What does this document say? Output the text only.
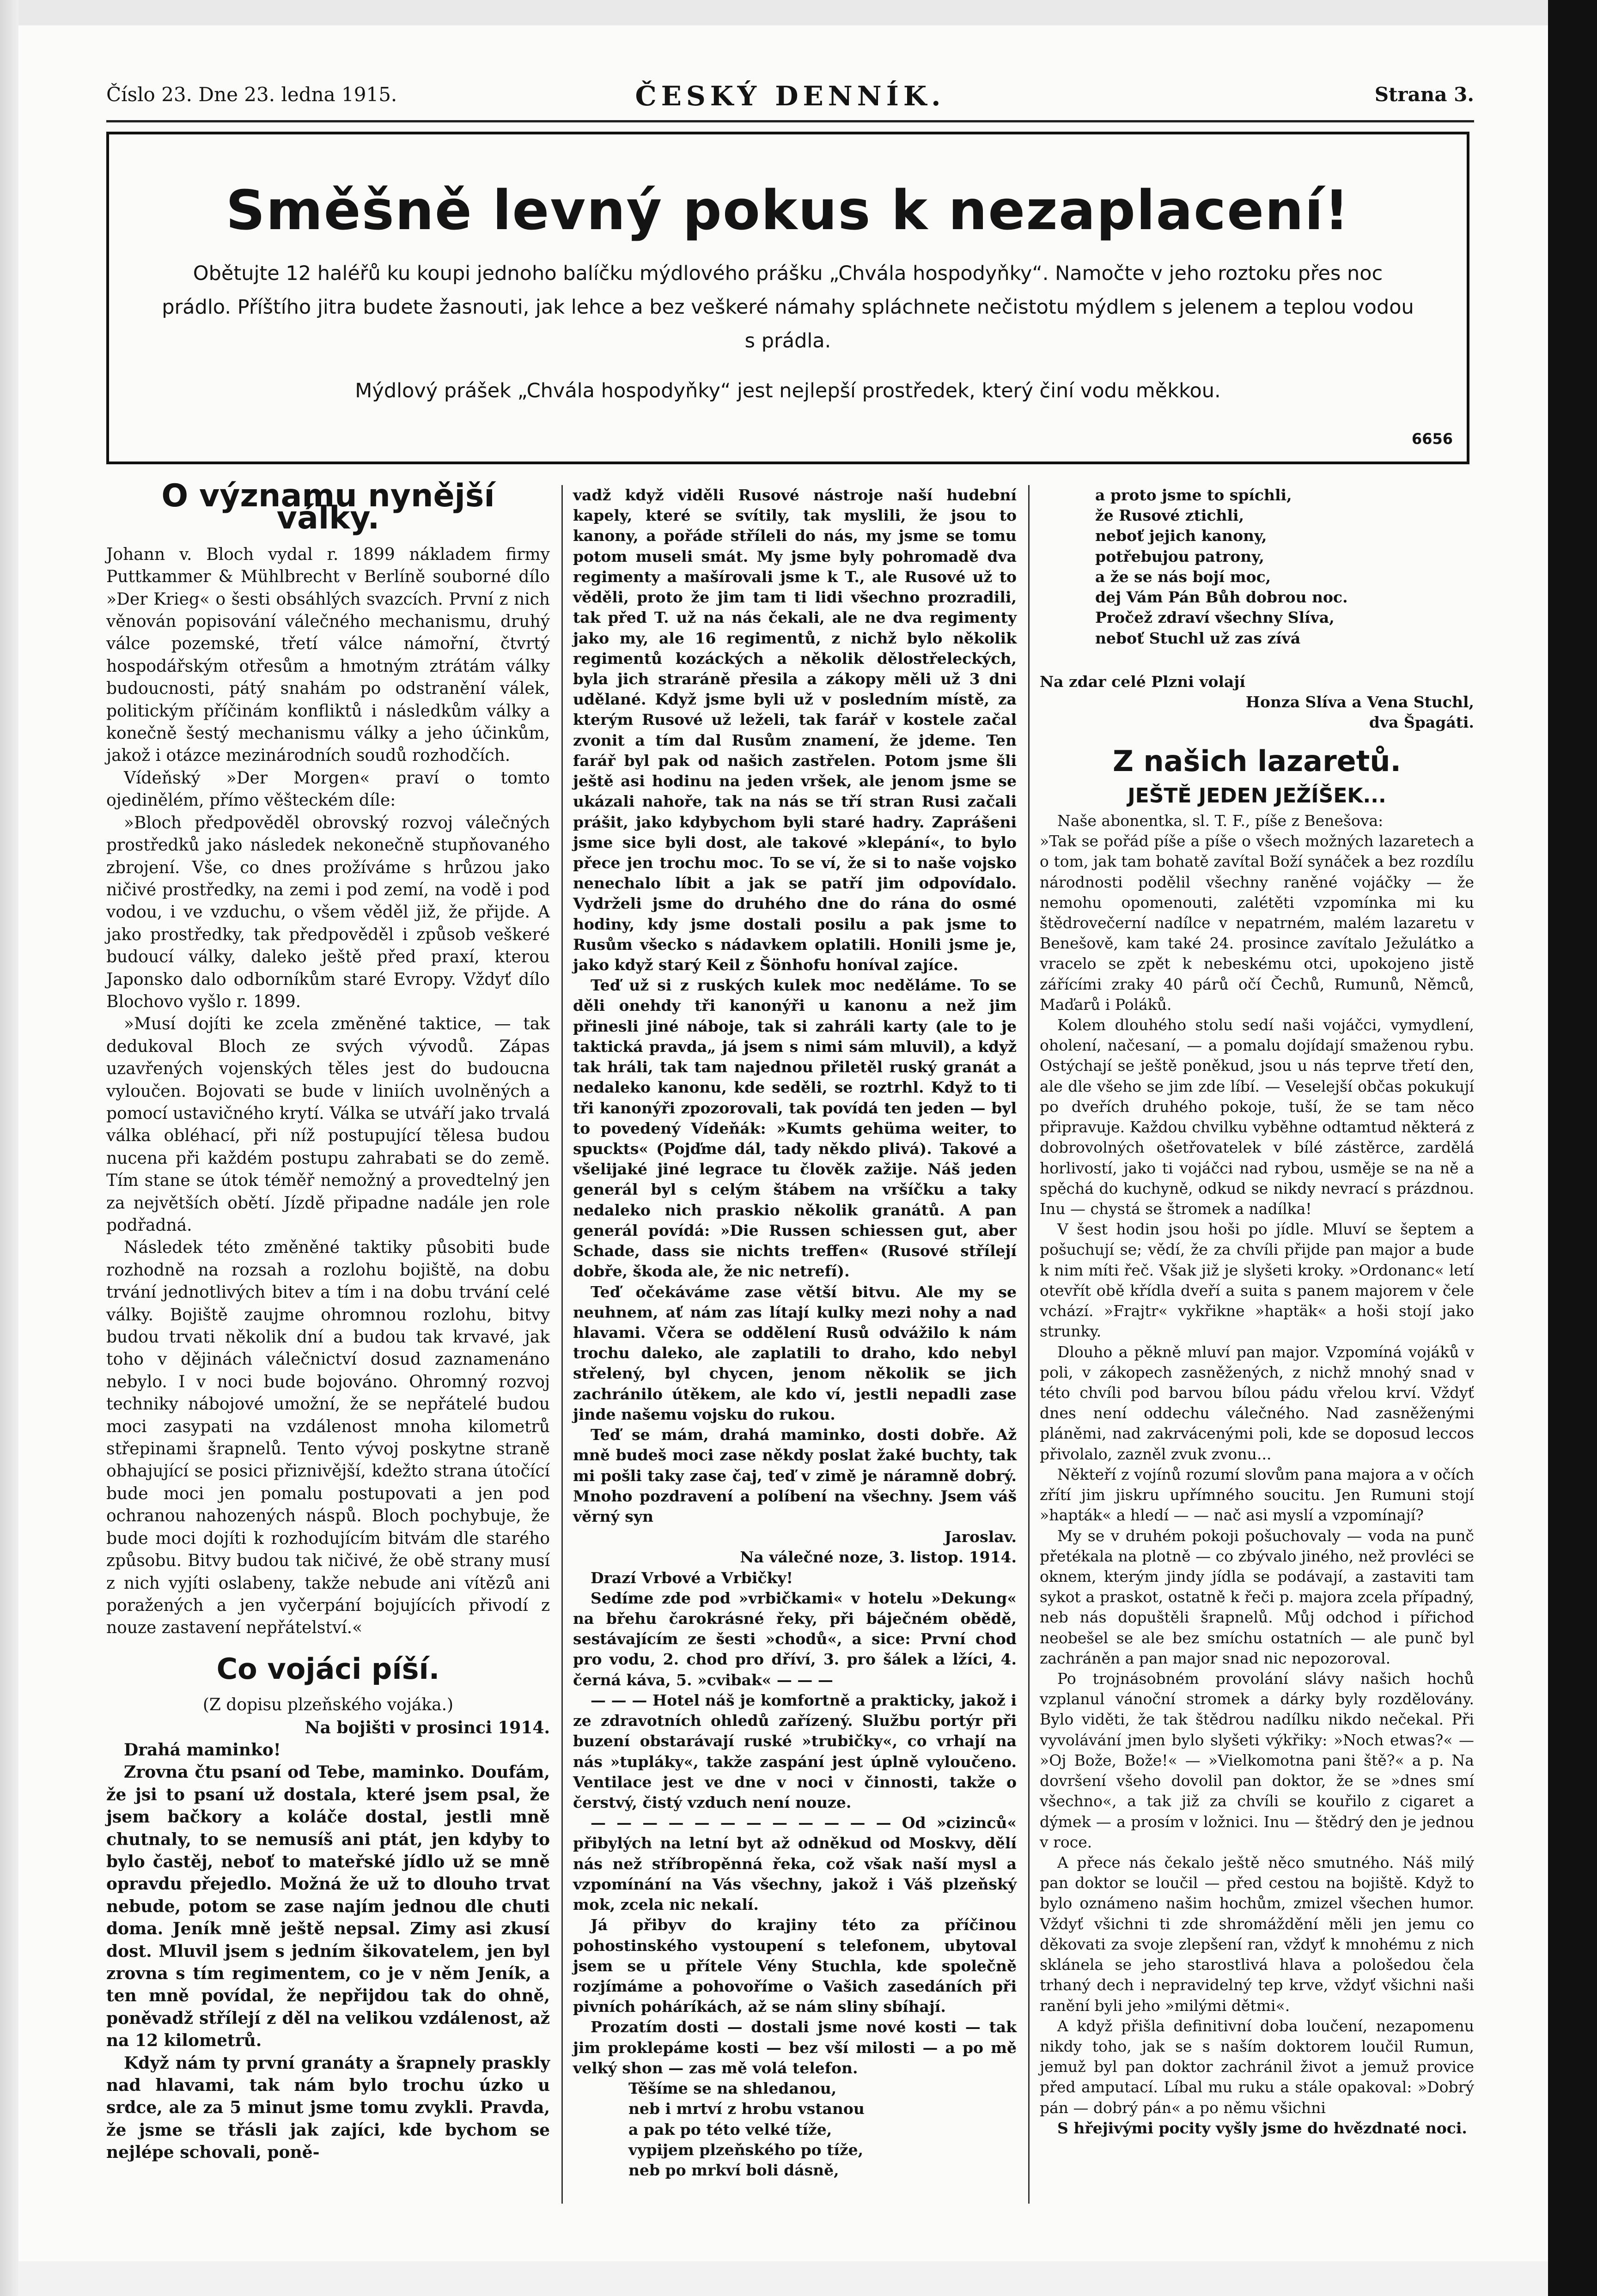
Číslo 23. Dne 23. ledna 1915.	ČESKÝ DENNÍK.	Strana 3.
Směšně levný pokus k nezaplacení!
Obětujte 12 haléřů ku koupi jednoho balíčku mýdlového prášku „Chvála hospodyňky“. Namočte v jeho roztoku přes noc prádlo. Příštího jitra budete žasnouti, jak lehce a bez veškeré námahy spláchnete nečistotu mýdlem s jelenem a teplou vodou s prádla.
Mýdlový prášek „Chvála hospodyňky“ jest nejlepší prostředek, který činí vodu měkkou.
6656
O významu nynější války.

Johann v. Bloch vydal r. 1899 nákladem firmy Puttkammer & Mühlbrecht v Berlíně souborné dílo »Der Krieg« o šesti obsáhlých svazcích. První z nich věnován popisování válečného mechanismu, druhý válce pozemské, třetí válce námořní, čtvrtý hospodářským otřesům a hmotným ztrátám války budoucnosti, pátý snahám po odstranění válek, politickým příčinám konfliktů i následkům války a konečně šestý mechanismu války a jeho účinkům, jakož i otázce mezinárodních soudů rozhodčích.

Vídeňský »Der Morgen« praví o tomto ojedinělém, přímo věšteckém díle:

»Bloch předpověděl obrovský rozvoj válečných prostředků jako následek nekonečně stupňovaného zbrojení. Vše, co dnes prožíváme s hrůzou jako ničivé prostředky, na zemi i pod zemí, na vodě i pod vodou, i ve vzduchu, o všem věděl již, že přijde. A jako prostředky, tak předpověděl i způsob veškeré budoucí války, daleko ještě před praxí, kterou Japonsko dalo odborníkům staré Evropy. Vždyť dílo Blochovo vyšlo r. 1899.

»Musí dojíti ke zcela změněné taktice, — tak dedukoval Bloch ze svých vývodů. Zápas uzavřených vojenských těles jest do budoucna vyloučen. Bojovati se bude v liniích uvolněných a pomocí ustavičného krytí. Válka se utváří jako trvalá válka obléhací, při níž postupující tělesa budou nucena při každém postupu zahrabati se do země. Tím stane se útok téměř nemožný a provedtelný jen za největších obětí. Jízdě připadne nadále jen role podřadná.

Následek této změněné taktiky působiti bude rozhodně na rozsah a rozlohu bojiště, na dobu trvání jednotlivých bitev a tím i na dobu trvání celé války. Bojiště zaujme ohromnou rozlohu, bitvy budou trvati několik dní a budou tak krvavé, jak toho v dějinách válečnictví dosud zaznamenáno nebylo. I v noci bude bojováno. Ohromný rozvoj techniky nábojové umožní, že se nepřátelé budou moci zasypati na vzdálenost mnoha kilometrů střepinami šrapnelů. Tento vývoj poskytne straně obhajující se posici přiznivější, kdežto strana útočící bude moci jen pomalu postupovati a jen pod ochranou nahozených náspů. Bloch pochybuje, že bude moci dojíti k rozhodujícím bitvám dle starého způsobu. Bitvy budou tak ničivé, že obě strany musí z nich vyjíti oslabeny, takže nebude ani vítězů ani poražených a jen vyčerpání bojujících přivodí z nouze zastavení nepřátelství.«

Co vojáci píší.

(Z dopisu plzeňského vojáka.)

Na bojišti v prosinci 1914.

Drahá maminko!

Zrovna čtu psaní od Tebe, maminko. Doufám, že jsi to psaní už dostala, které jsem psal, že jsem bačkory a koláče dostal, jestli mně chutnaly, to se nemusíš ani ptát, jen kdyby to bylo častěj, neboť to mateřské jídlo už se mně opravdu přejedlo. Možná že už to dlouho trvat nebude, potom se zase najím jednou dle chuti doma. Jeník mně ještě nepsal. Zimy asi zkusí dost. Mluvil jsem s jedním šikovatelem, jen byl zrovna s tím regimentem, co je v něm Jeník, a ten mně povídal, že nepřijdou tak do ohně, poněvadž střílejí z děl na velikou vzdálenost, až na 12 kilometrů.

Když nám ty první granáty a šrapnely praskly nad hlavami, tak nám bylo trochu úzko u srdce, ale za 5 minut jsme tomu zvykli. Pravda, že jsme se třásli jak zajíci, kde bychom se nejlépe schovali, poně-

vadž když viděli Rusové nástroje naší hudební kapely, které se svítily, tak myslili, že jsou to kanony, a pořáde stříleli do nás, my jsme se tomu potom museli smát. My jsme byly pohromadě dva regimenty a mašírovali jsme k T., ale Rusové už to věděli, proto že jim tam ti lidi všechno prozradili, tak před T. už na nás čekali, ale ne dva regimenty jako my, ale 16 regimentů, z nichž bylo několik regimentů kozáckých a několik dělostřeleckých, byla jich straráně přesila a zákopy měli už 3 dni udělané. Když jsme byli už v posledním místě, za kterým Rusové už leželi, tak farář v kostele začal zvonit a tím dal Rusům znamení, že jdeme. Ten farář byl pak od našich zastřelen. Potom jsme šli ještě asi hodinu na jeden vršek, ale jenom jsme se ukázali nahoře, tak na nás se tří stran Rusi začali prášit, jako kdybychom byli staré hadry. Zaprášeni jsme sice byli dost, ale takové »klepání«, to bylo přece jen trochu moc. To se ví, že si to naše vojsko nenechalo líbit a jak se patří jim odpovídalo. Vydrželi jsme do druhého dne do rána do osmé hodiny, kdy jsme dostali posilu a pak jsme to Rusům všecko s nádavkem oplatili. Honili jsme je, jako když starý Keil z Šönhofu honíval zajíce.

Teď už si z ruských kulek moc neděláme. To se děli onehdy tři kanonýři u kanonu a než jim přinesli jiné náboje, tak si zahráli karty (ale to je taktická pravda„ já jsem s nimi sám mluvil), a když tak hráli, tak tam najednou přiletěl ruský granát a nedaleko kanonu, kde seděli, se roztrhl. Když to ti tři kanonýři zpozorovali, tak povídá ten jeden — byl to povedený Vídeňák: »Kumts gehüma weiter, to spuckts« (Pojďme dál, tady někdo plivá). Takové a všelijaké jiné legrace tu člověk zažije. Náš jeden generál byl s celým štábem na vršíčku a taky nedaleko nich praskio několik granátů. A pan generál povídá: »Die Russen schiessen gut, aber Schade, dass sie nichts treffen« (Rusové střílejí dobře, škoda ale, že nic netrefí).

Teď očekáváme zase větší bitvu. Ale my se neuhnem, ať nám zas lítají kulky mezi nohy a nad hlavami. Včera se oddělení Rusů odvážilo k nám trochu daleko, ale zaplatili to draho, kdo nebyl střelený, byl chycen, jenom několik se jich zachránilo útěkem, ale kdo ví, jestli nepadli zase jinde našemu vojsku do rukou.

Teď se mám, drahá maminko, dosti dobře. Až mně budeš moci zase někdy poslat žaké buchty, tak mi pošli taky zase čaj, teď v zimě je náramně dobrý. Mnoho pozdravení a políbení na všechny. Jsem váš věrný syn

Jaroslav.

Na válečné noze, 3. listop. 1914.

Drazí Vrbové a Vrbičky!

Sedíme zde pod »vrbičkami« v hotelu »Dekung« na břehu čarokrásné řeky, při báječném obědě, sestávajícím ze šesti »chodů«, a sice: První chod pro vodu, 2. chod pro dříví, 3. pro šálek a lžíci, 4. černá káva, 5. »cvibak« — — —

— — — Hotel náš je komfortně a prakticky, jakož i ze zdravotních ohledů zařízený. Službu portýr při buzení obstarávají ruské »trubičky«, co vrhají na nás »tupláky«, takže zaspání jest úplně vyloučeno. Ventilace jest ve dne v noci v činnosti, takže o čerstvý, čistý vzduch není nouze.

— — — — — — — — — — — — Od »cizinců« přibylých na letní byt až odněkud od Moskvy, dělí nás než stříbropěnná řeka, což však naší mysl a vzpomínání na Vás všechny, jakož i Váš plzeňský mok, zcela nic nekalí.

Já přibyv do krajiny této za příčinou pohostinského vystoupení s telefonem, ubytoval jsem se u přítele Vény Stuchla, kde společně rozjímáme a pohovoříme o Vašich zasedáních při pivních poháríkách, až se nám sliny sbíhají.

Prozatím dosti — dostali jsme nové kosti — tak jim proklepáme kosti — bez vší milosti — a po mě velký shon — zas mě volá telefon.

Těšíme se na shledanou,

neb i mrtví z hrobu vstanou

a pak po této velké tíže,

vypijem plzeňského po tíže,

neb po mrkví boli dásně,

a proto jsme to spíchli,

že Rusové ztichli,

neboť jejich kanony,

potřebujou patrony,

a že se nás bojí moc,

dej Vám Pán Bůh dobrou noc.

Pročež zdraví všechny Slíva,

neboť Stuchl už zas zívá

Na zdar celé Plzni volají

Honza Slíva a Vena Stuchl,

dva Špagáti.

Z našich lazaretů.
JEŠTĚ JEDEN JEŽÍŠEK...

Naše abonentka, sl. T. F., píše z Benešova:

»Tak se pořád píše a píše o všech možných lazaretech a o tom, jak tam bohatě zavítal Boží synáček a bez rozdílu národnosti podělil všechny raněné vojáčky — že nemohu opomenouti, zalétěti vzpomínka mi ku štědrovečerní nadílce v nepatrném, malém lazaretu v Benešově, kam také 24. prosince zavítalo Ježulátko a vracelo se zpět k nebeskému otci, upokojeno jistě zářícími zraky 40 párů očí Čechů, Rumunů, Němců, Maďarů i Poláků.

Kolem dlouhého stolu sedí naši vojáčci, vymydlení, oholení, načesaní, — a pomalu dojídají smaženou rybu. Ostýchají se ještě poněkud, jsou u nás teprve třetí den, ale dle všeho se jim zde líbí. — Veselejší občas pokukují po dveřích druhého pokoje, tuší, že se tam něco připravuje. Každou chvilku vyběhne odtamtud některá z dobrovolných ošetřovatelek v bílé zástěrce, zardělá horlivostí, jako ti vojáčci nad rybou, usměje se na ně a spěchá do kuchyně, odkud se nikdy nevrací s prázdnou. Inu — chystá se štromek a nadílka!

V šest hodin jsou hoši po jídle. Mluví se šeptem a pošuchují se; vědí, že za chvíli přijde pan major a bude k nim míti řeč. Však již je slyšeti kroky. »Ordonanc« letí otevřít obě křídla dveří a suita s panem majorem v čele vchází. »Frajtr« vykřikne »haptäk« a hoši stojí jako strunky.

Dlouho a pěkně mluví pan major. Vzpomíná vojáků v poli, v zákopech zasněžených, z nichž mnohý snad v této chvíli pod barvou bílou pádu vřelou krví. Vždyť dnes není oddechu válečného. Nad zasněženými pláněmi, nad zakrvácenými poli, kde se doposud leccos přivolalo, zazněl zvuk zvonu...

Někteří z vojínů rozumí slovům pana majora a v očích zřítí jim jiskru upřímného soucitu. Jen Rumuni stojí »hapták« a hledí — — nač asi myslí a vzpomínají?

My se v druhém pokoji pošuchovaly — voda na punč přetékala na plotně — co zbývalo jiného, než provléci se oknem, kterým jindy jídla se podávají, a zastaviti tam sykot a praskot, ostatně k řeči p. majora zcela případný, neb nás dopuštěli šrapnelů. Můj odchod i pířichod neobešel se ale bez smíchu ostatních — ale punč byl zachráněn a pan major snad nic nepozoroval.

Po trojnásobném provolání slávy našich hochů vzplanul vánoční stromek a dárky byly rozdělovány. Bylo viděti, že tak štědrou nadílku nikdo nečekal. Při vyvolávání jmen bylo slyšeti výkřiky: »Noch etwas?« — »Oj Bože, Bože!« — »Vielkomotna pani ště?« a p. Na dovršení všeho dovolil pan doktor, že se »dnes smí všechno«, a tak již za chvíli se kouřilo z cigaret a dýmek — a prosím v ložnici. Inu — štědrý den je jednou v roce.

A přece nás čekalo ještě něco smutného. Náš milý pan doktor se loučil — před cestou na bojiště. Když to bylo oznámeno našim hochům, zmizel všechen humor. Vždyť všichni ti zde shromáždění měli jen jemu co děkovati za svoje zlepšení ran, vždyť k mnohému z nich sklánela se jeho starostlivá hlava a pološedou čela trhaný dech i nepravidelný tep krve, vždyť všichni naši ranění byli jeho »milými dětmi«.

A když přišla definitivní doba loučení, nezapomenu nikdy toho, jak se s naším doktorem loučil Rumun, jemuž byl pan doktor zachránil život a jemuž provice před amputací. Líbal mu ruku a stále opakoval: »Dobrý pán — dobrý pán« a po němu všichni

S hřejivými pocity vyšly jsme do hvězdnaté noci.
